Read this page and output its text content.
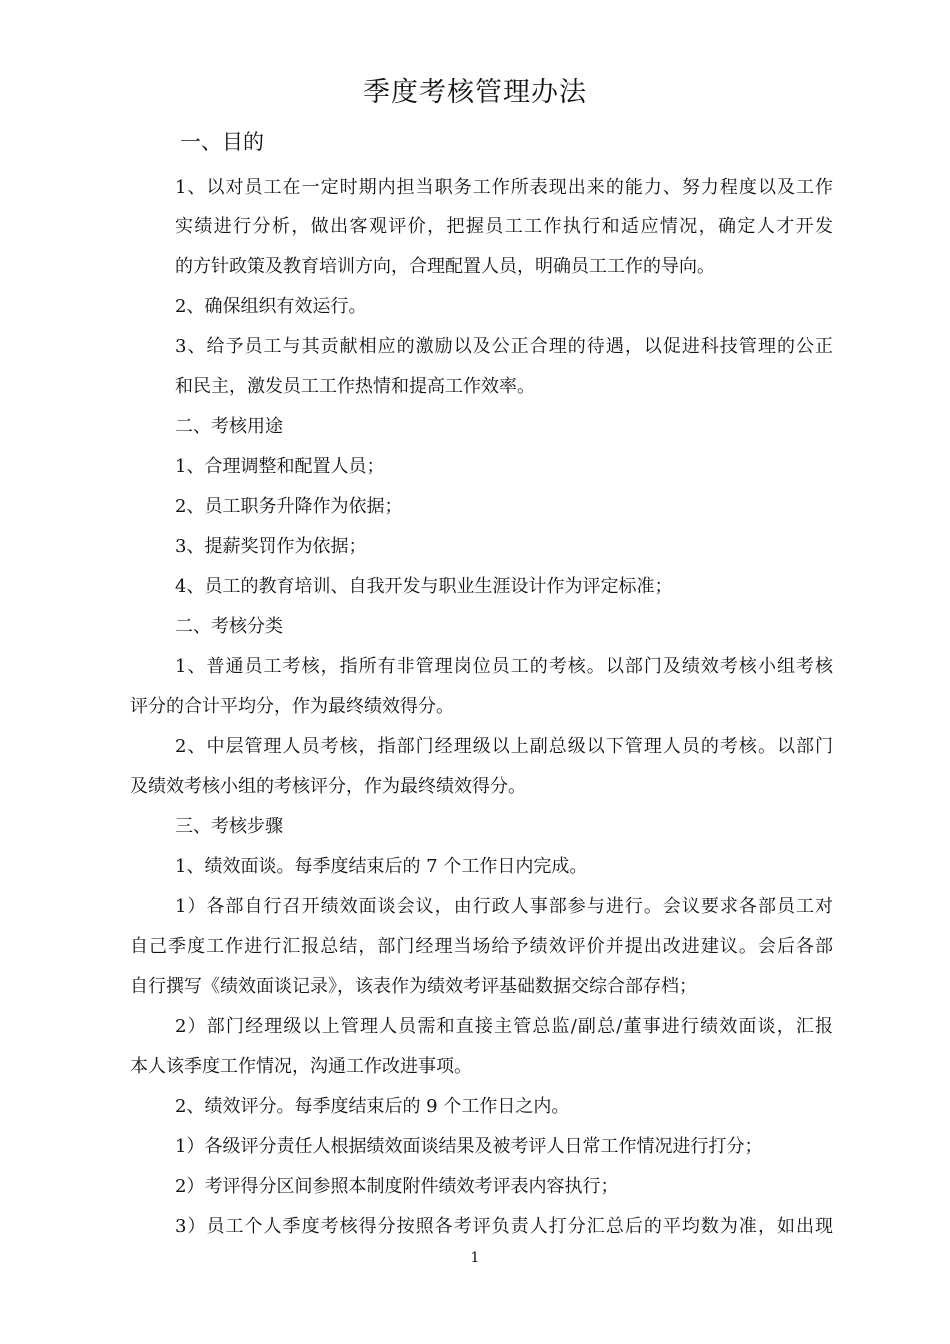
季度考核管理办法
一、目的
1、以对员工在一定时期内担当职务工作所表现出来的能力、努力程度以及工作
实绩进行分析，做出客观评价，把握员工工作执行和适应情况，确定人才开发
的方针政策及教育培训方向，合理配置人员，明确员工工作的导向。
2、确保组织有效运行。
3、给予员工与其贡献相应的激励以及公正合理的待遇，以促进科技管理的公正
和民主，激发员工工作热情和提高工作效率。
二、考核用途
1、合理调整和配置人员；
2、员工职务升降作为依据；
3、提薪奖罚作为依据；
4、员工的教育培训、自我开发与职业生涯设计作为评定标准；
二、考核分类
1、普通员工考核，指所有非管理岗位员工的考核。以部门及绩效考核小组考核
评分的合计平均分，作为最终绩效得分。
2、中层管理人员考核，指部门经理级以上副总级以下管理人员的考核。以部门
及绩效考核小组的考核评分，作为最终绩效得分。
三、考核步骤
1、绩效面谈。每季度结束后的 7 个工作日内完成。
1）各部自行召开绩效面谈会议，由行政人事部参与进行。会议要求各部员工对
自己季度工作进行汇报总结，部门经理当场给予绩效评价并提出改进建议。会后各部
自行撰写《绩效面谈记录》，该表作为绩效考评基础数据交综合部存档；
2）部门经理级以上管理人员需和直接主管总监/副总/董事进行绩效面谈，汇报
本人该季度工作情况，沟通工作改进事项。
2、绩效评分。每季度结束后的 9 个工作日之内。
1）各级评分责任人根据绩效面谈结果及被考评人日常工作情况进行打分；
2）考评得分区间参照本制度附件绩效考评表内容执行；
3）员工个人季度考核得分按照各考评负责人打分汇总后的平均数为准，如出现
1
